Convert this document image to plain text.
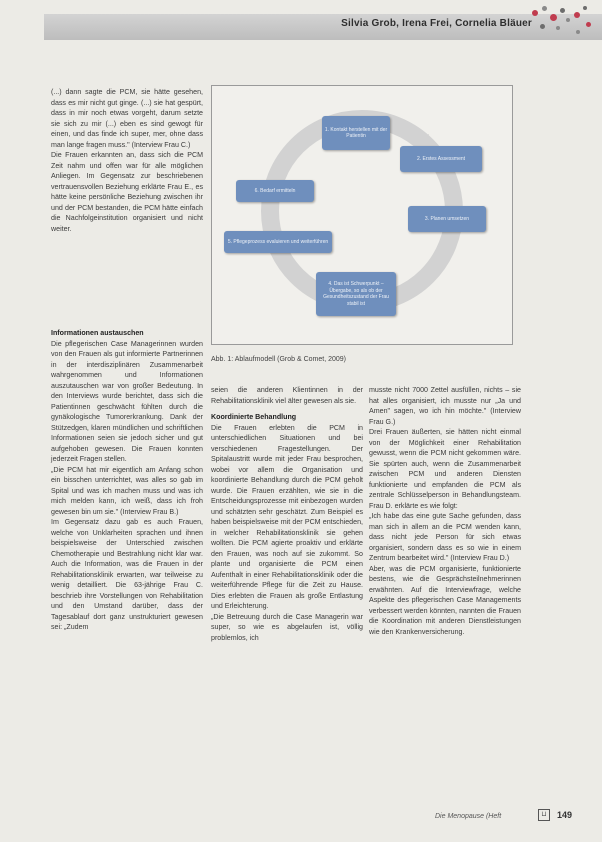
Silvia Grob, Irena Frei, Cornelia Bläuer

(...) dann sagte die PCM, sie hätte gesehen, dass es mir nicht gut ginge. (...) sie hat gespürt, dass in mir noch etwas vorgeht, darum setzte sie sich zu mir (...) eben es sind gewogt für einen, und das finde ich super, mer, ohne dass man lange fragen muss." (Interview Frau C.)

Die Frauen erkannten an, dass sich die PCM Zeit nahm und offen war für alle möglichen Anliegen. Im Gegensatz zur beschriebenen vertrauensvollen Beziehung erklärte Frau E., es hätte keine persönliche Beziehung zwischen ihr und der PCM bestanden, die PCM hätte einfach die Nachfolgeinstitution organisiert und nicht weiter.

1. Kontakt herstellen mit der Patientin
2. Erstes Assessment
3. Planen umsetzen
4. Das ist Schwerpunkt – Übergabe, so als ob der Gesundheitszustand der Frau stabil ist
5. Pflegeprozess evaluieren und weiterführen
6. Bedarf ermitteln
Abb. 1: Ablaufmodell (Grob & Comet, 2009)
Informationen austauschen

Die pflegerischen Case Managerinnen wurden von den Frauen als gut informierte Partnerinnen in der interdisziplinären Zusammenarbeit wahrgenommen und Informationen auszutauschen war von großer Bedeutung. In den Interviews wurde berichtet, dass sich die Patientinnen geschwächt fühlten durch die gynäkologische Tumorerkrankung. Dank der Stützedgen, klaren mündlichen und schriftlichen Informationen seien sie jedoch sicher und gut aufgehoben gewesen. Die Frauen konnten jederzeit Fragen stellen.

„Die PCM hat mir eigentlich am Anfang schon ein bisschen unterrichtet, was alles so gab im Spital und was ich machen muss und was ich mich melden kann, ich weiß, dass ich froh gewesen bin um sie." (Interview Frau B.)

Im Gegensatz dazu gab es auch Frauen, welche von Unklarheiten sprachen und ihnen beispielsweise der Unterschied zwischen Chemotherapie und Bestrahlung nicht klar war. Auch die Information, was die Frauen in der Rehabilitationsklinik erwarten, war teilweise zu wenig detailliert. Die 63-jährige Frau C. beschrieb ihre Vorstellungen von Rehabilitation und den Umstand darüber, dass der Tagesablauf dort ganz unstrukturiert gewesen sei: „Zudem

seien die anderen Klientinnen in der Rehabilitationsklinik viel älter gewesen als sie.

Koordinierte Behandlung

Die Frauen erlebten die PCM in unterschiedlichen Situationen und bei verschiedenen Fragestellungen. Der Spitalaustritt wurde mit jeder Frau besprochen, wobei vor allem die Organisation und koordinierte Behandlung durch die PCM geholt wurde. Die Frauen erzählten, wie sie in die Entscheidungsprozesse mit einbezogen wurden und schätzten sehr geschätzt. Zum Beispiel es haben beispielsweise mit der PCM entschieden, in welcher Rehabilitationsklinik sie gehen wollten. Die PCM agierte proaktiv und erklärte den Frauen, was noch auf sie zukommt. So plante und organisierte die PCM einen Aufenthalt in einer Rehabilitationsklinik oder die weiterführende Pflege für die Zeit zu Hause. Dies erlebten die Frauen als große Entlastung und Erleichterung.

„Die Betreuung durch die Case Managerin war super, so wie es abgelaufen ist, völlig problemlos, ich

musste nicht 7000 Zettel ausfüllen, nichts – sie hat alles organisiert, ich musste nur „Ja und Amen" sagen, wo ich hin möchte." (Interview Frau G.)

Drei Frauen äußerten, sie hätten nicht einmal von der Möglichkeit einer Rehabilitation gewusst, wenn die PCM nicht gekommen wäre. Sie spürten auch, wenn die Zusammenarbeit zwischen PCM und anderen Diensten funktionierte und empfanden die PCM als zentrale Schlüsselperson in Behandlungsteam. Frau D. erklärte es wie folgt:

„Ich habe das eine gute Sache gefunden, dass man sich in allem an die PCM wenden kann, dass nicht jede Person für sich etwas organisiert, sondern dass es so wie in einem Zentrum bearbeitet wird." (Interview Frau D.)

Aber, was die PCM organisierte, funktionierte bestens, wie die Gesprächsteilnehmerinnen erwähnten. Auf die Interviewfrage, welche Aspekte des pflegerischen Case Managements verbessert werden könnten, nannten die Frauen die Koordination mit anderen Dienstleistungen wie den Krankenversicherung.

Die Menopause (Heft	⊔	149
